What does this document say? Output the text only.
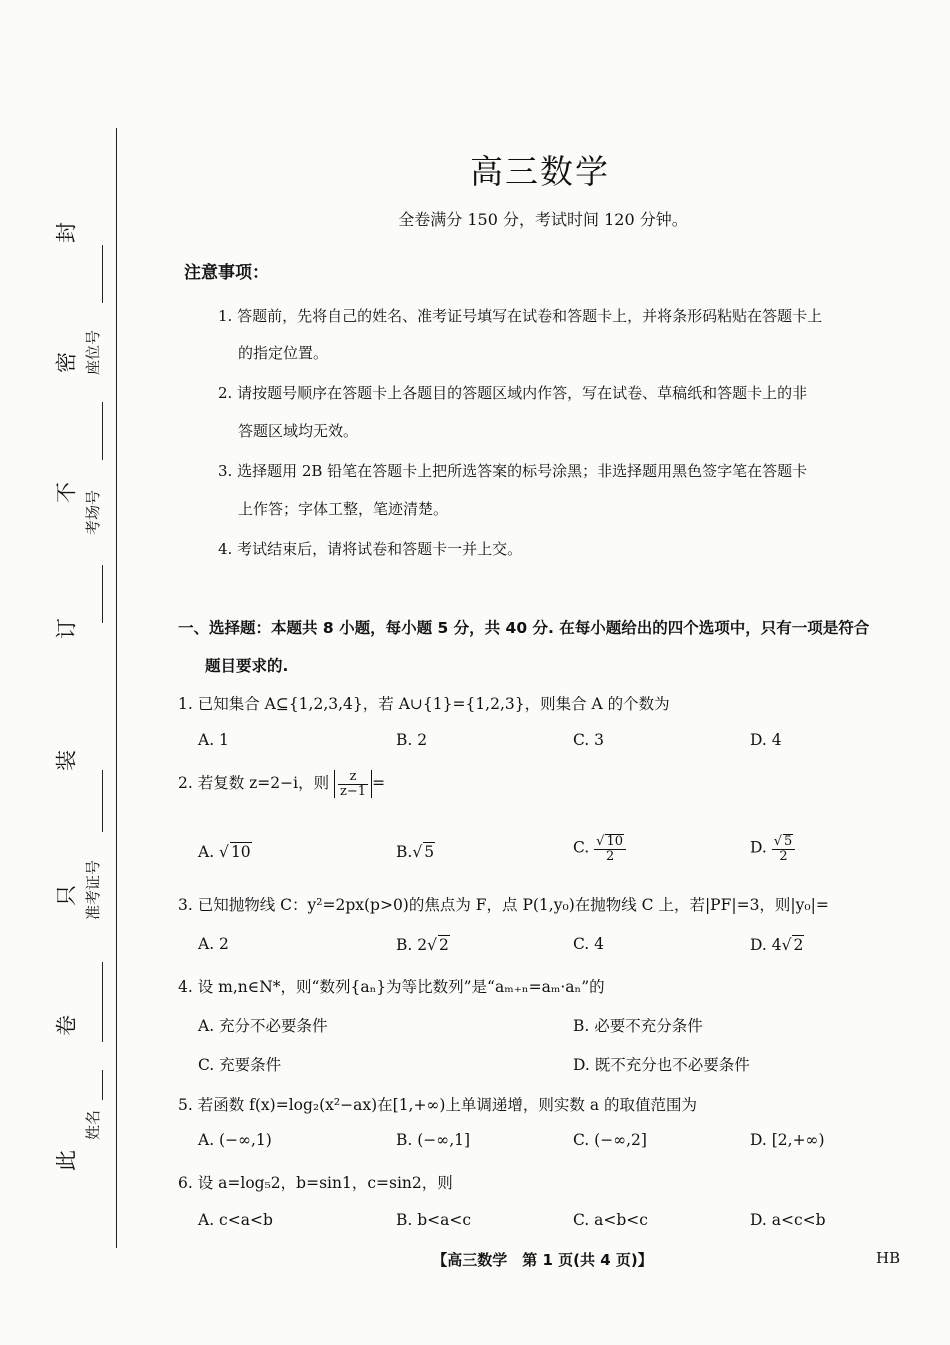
封
座位号
密
不 考场号
订
装
准考证号
只
卷
姓名
此
高三数学
全卷满分 150 分，考试时间 120 分钟。
注意事项：
1. 答题前，先将自己的姓名、准考证号填写在试卷和答题卡上，并将条形码粘贴在答题卡上
的指定位置。
2. 请按题号顺序在答题卡上各题目的答题区域内作答，写在试卷、草稿纸和答题卡上的非
答题区域均无效。
3. 选择题用 2B 铅笔在答题卡上把所选答案的标号涂黑；非选择题用黑色签字笔在答题卡
上作答；字体工整，笔迹清楚。
4. 考试结束后，请将试卷和答题卡一并上交。
一、选择题：本题共 8 小题，每小题 5 分，共 40 分. 在每小题给出的四个选项中，只有一项是符合
题目要求的.
1. 已知集合 A⊆{1,2,3,4}，若 A∪{1}={1,2,3}，则集合 A 的个数为
A. 1	B. 2	C. 3	D. 4
2. 若复数 z=2−i，则 $\frac{z}{z-1}$ =
A. √ 10	B.√ 5	C. $\frac{√ 10}{2}$	D. $\frac{√ 5}{2}$
3. 已知抛物线 C：y²=2px(p>0)的焦点为 F，点 P(1,y₀)在抛物线 C 上，若|PF|=3，则|y₀|=
A. 2	B. 2√ 2	C. 4	D. 4√ 2
4. 设 m,n∈N*，则“数列{aₙ}为等比数列”是“aₘ₊ₙ=aₘ·aₙ”的
A. 充分不必要条件	B. 必要不充分条件
C. 充要条件	D. 既不充分也不必要条件
5. 若函数 f(x)=log₂(x²−ax)在[1,+∞)上单调递增，则实数 a 的取值范围为
A. (−∞,1)	B. (−∞,1]	C. (−∞,2]	D. [2,+∞)
6. 设 a=log₅2，b=sin1，c=sin2，则
A. c<a<b	B. b<a<c	C. a<b<c	D. a<c<b
【高三数学　第 1 页(共 4 页)】	HB
